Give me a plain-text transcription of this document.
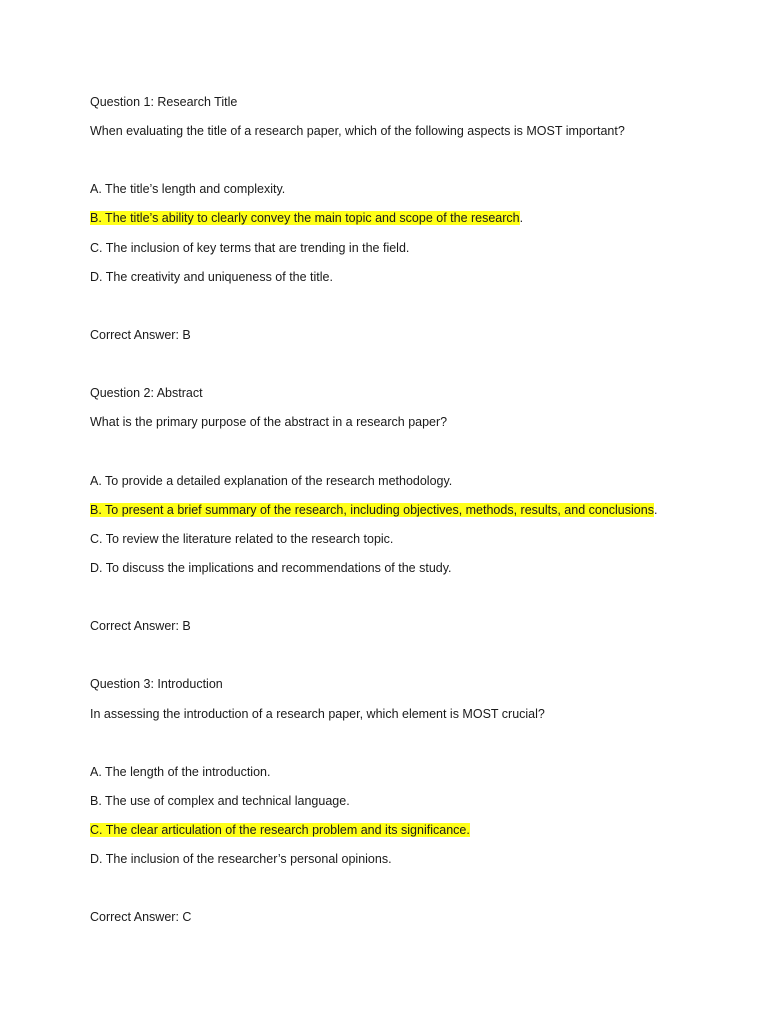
Question 1: Research Title
When evaluating the title of a research paper, which of the following aspects is MOST important?
A. The title’s length and complexity.
B. The title’s ability to clearly convey the main topic and scope of the research.
C. The inclusion of key terms that are trending in the field.
D. The creativity and uniqueness of the title.
Correct Answer: B
Question 2: Abstract
What is the primary purpose of the abstract in a research paper?
A. To provide a detailed explanation of the research methodology.
B. To present a brief summary of the research, including objectives, methods, results, and conclusions.
C. To review the literature related to the research topic.
D. To discuss the implications and recommendations of the study.
Correct Answer: B
Question 3: Introduction
In assessing the introduction of a research paper, which element is MOST crucial?
A. The length of the introduction.
B. The use of complex and technical language.
C. The clear articulation of the research problem and its significance.
D. The inclusion of the researcher’s personal opinions.
Correct Answer: C
